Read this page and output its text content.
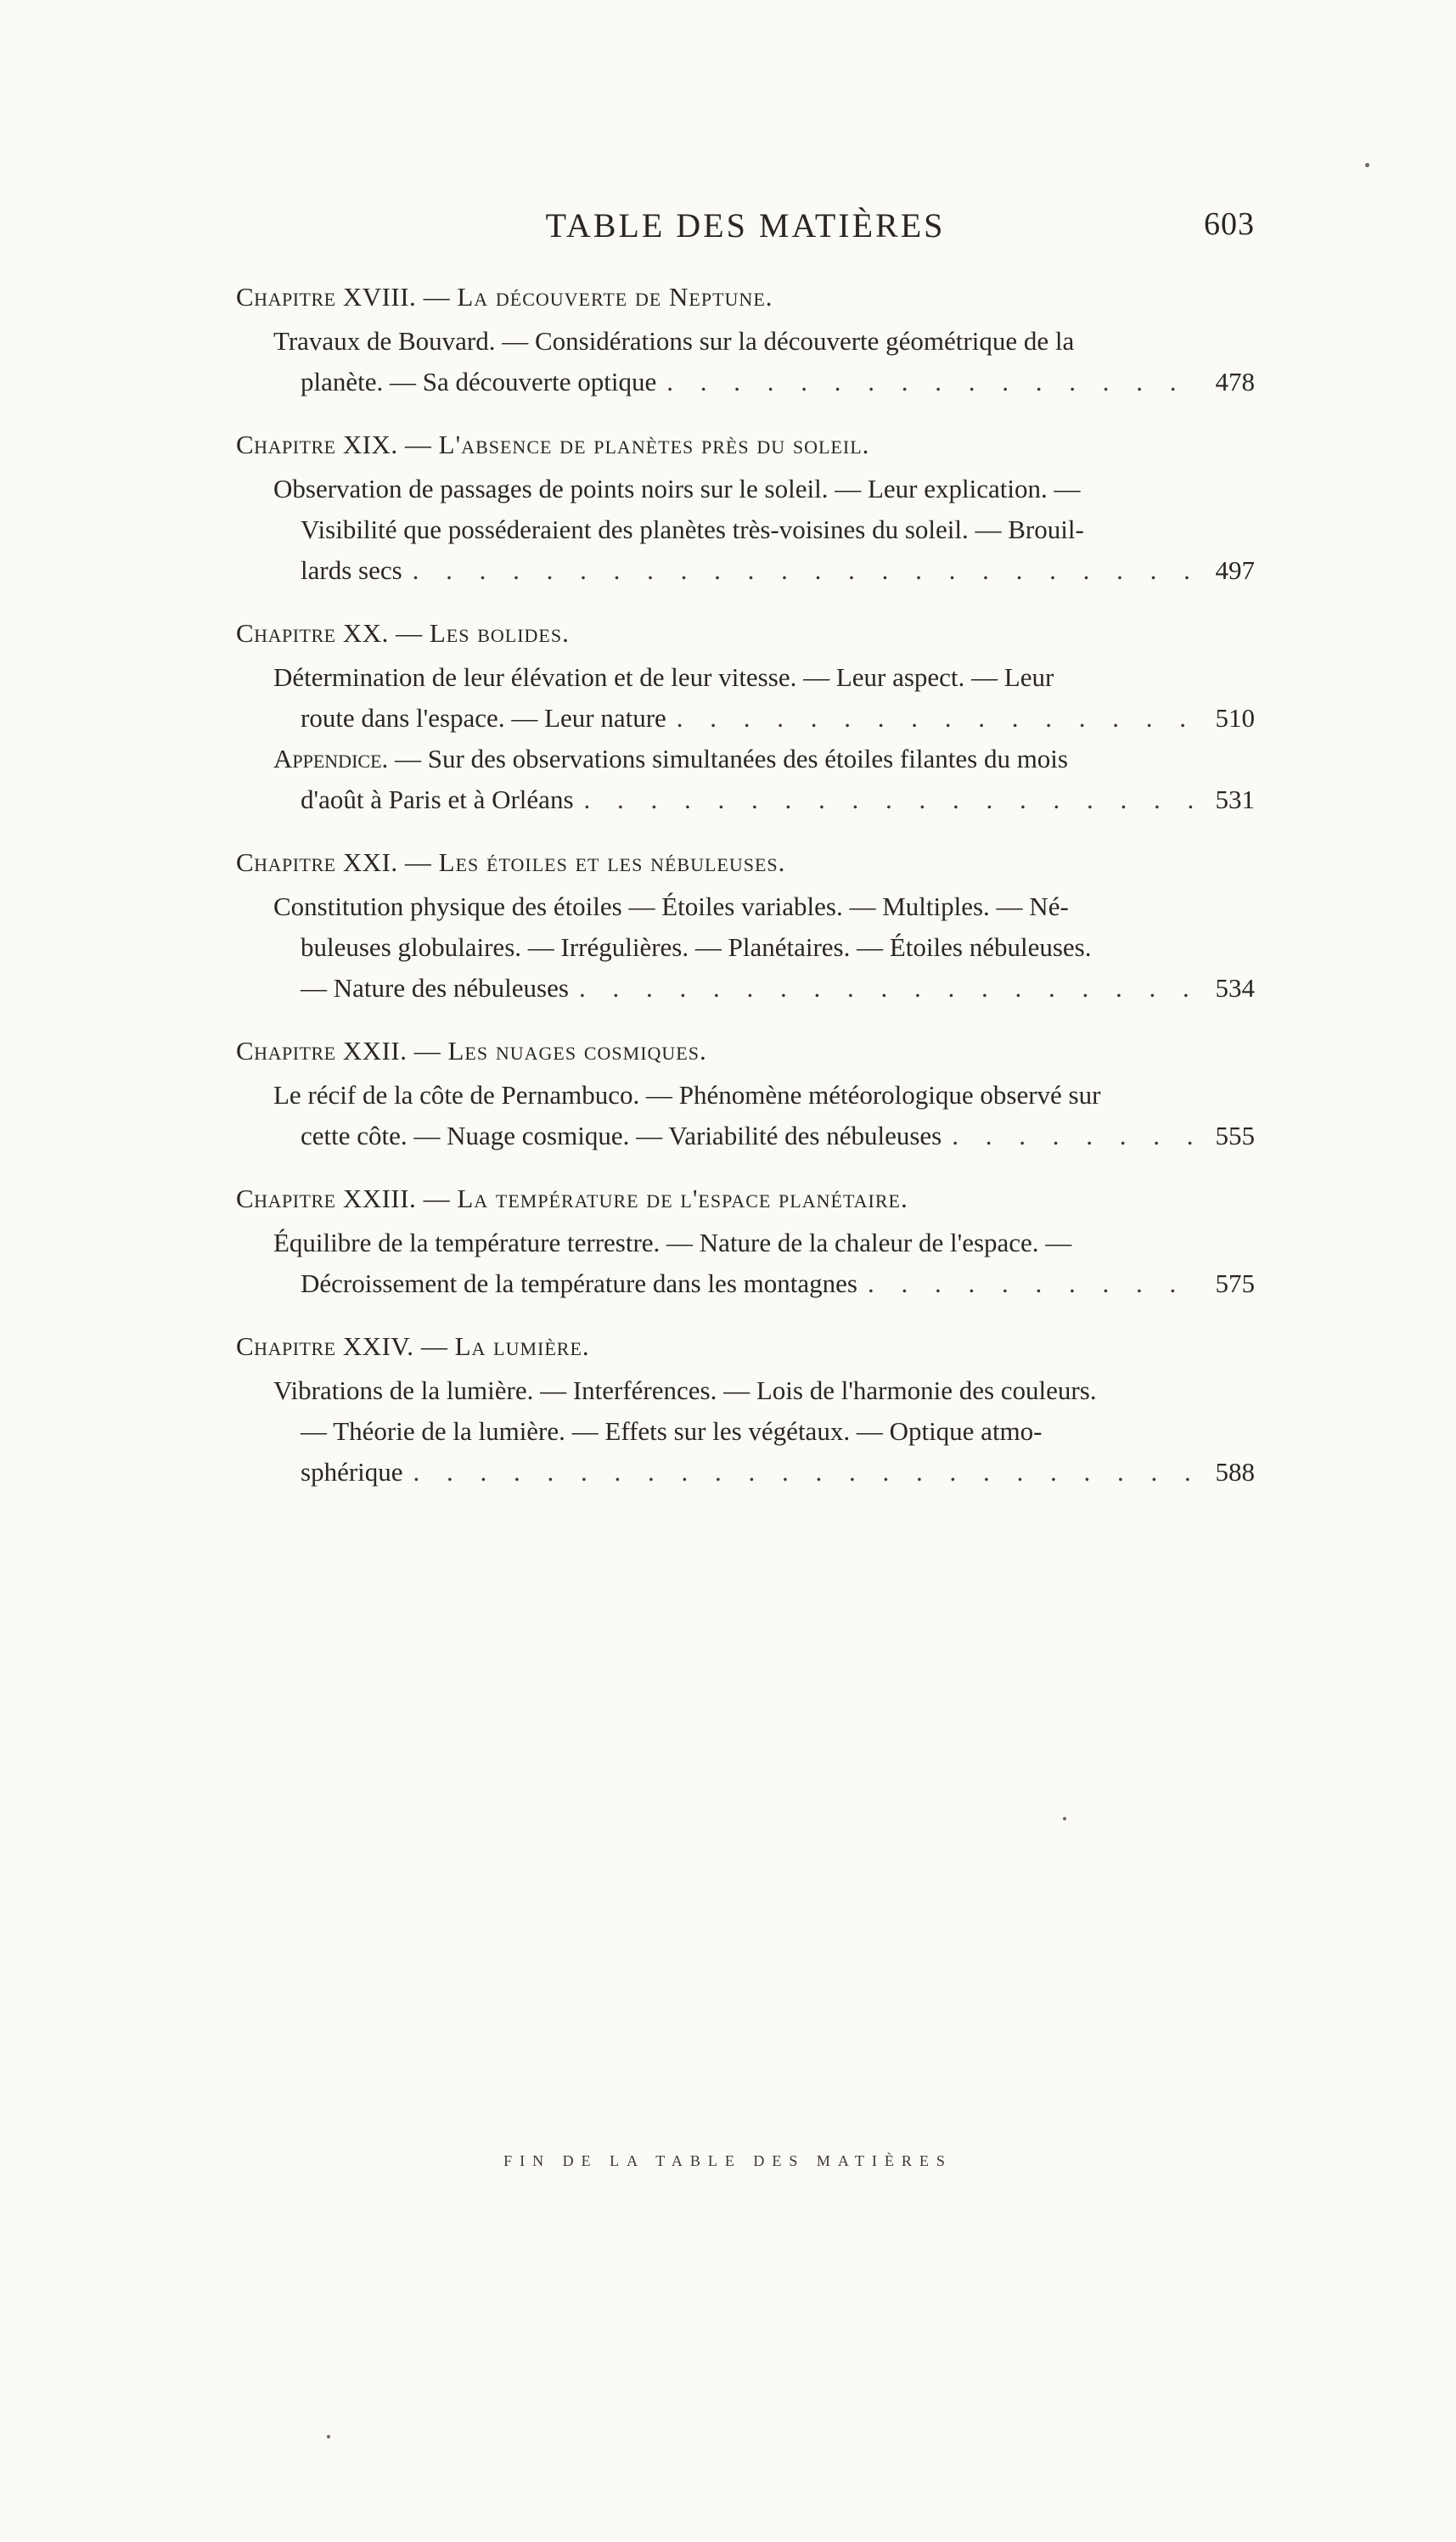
TABLE DES MATIÈRES	603
Chapitre XVIII. — La découverte de Neptune.
Travaux de Bouvard. — Considérations sur la découverte géométrique de la
planète. — Sa découverte optique . . .	478
Chapitre XIX. — L'absence de planètes près du soleil.
Observation de passages de points noirs sur le soleil. — Leur explication. —
Visibilité que posséderaient des planètes très-voisines du soleil. — Brouil-
lards secs . . .	497
Chapitre XX. — Les bolides.
Détermination de leur élévation et de leur vitesse. — Leur aspect. — Leur
route dans l'espace. — Leur nature . . .	510
Appendice. — Sur des observations simultanées des étoiles filantes du mois
d'août à Paris et à Orléans . . .	531
Chapitre XXI. — Les étoiles et les nébuleuses.
Constitution physique des étoiles — Étoiles variables. — Multiples. — Né-
buleuses globulaires. — Irrégulières. — Planétaires. — Étoiles nébuleuses.
— Nature des nébuleuses . . .	534
Chapitre XXII. — Les nuages cosmiques.
Le récif de la côte de Pernambuco. — Phénomène météorologique observé sur
cette côte. — Nuage cosmique. — Variabilité des nébuleuses . . .	555
Chapitre XXIII. — La température de l'espace planétaire.
Équilibre de la température terrestre. — Nature de la chaleur de l'espace. —
Décroissement de la température dans les montagnes . . .	575
Chapitre XXIV. — La lumière.
Vibrations de la lumière. — Interférences. — Lois de l'harmonie des couleurs.
— Théorie de la lumière. — Effets sur les végétaux. — Optique atmo-
sphérique . . .	588
FIN DE LA TABLE DES MATIÈRES
